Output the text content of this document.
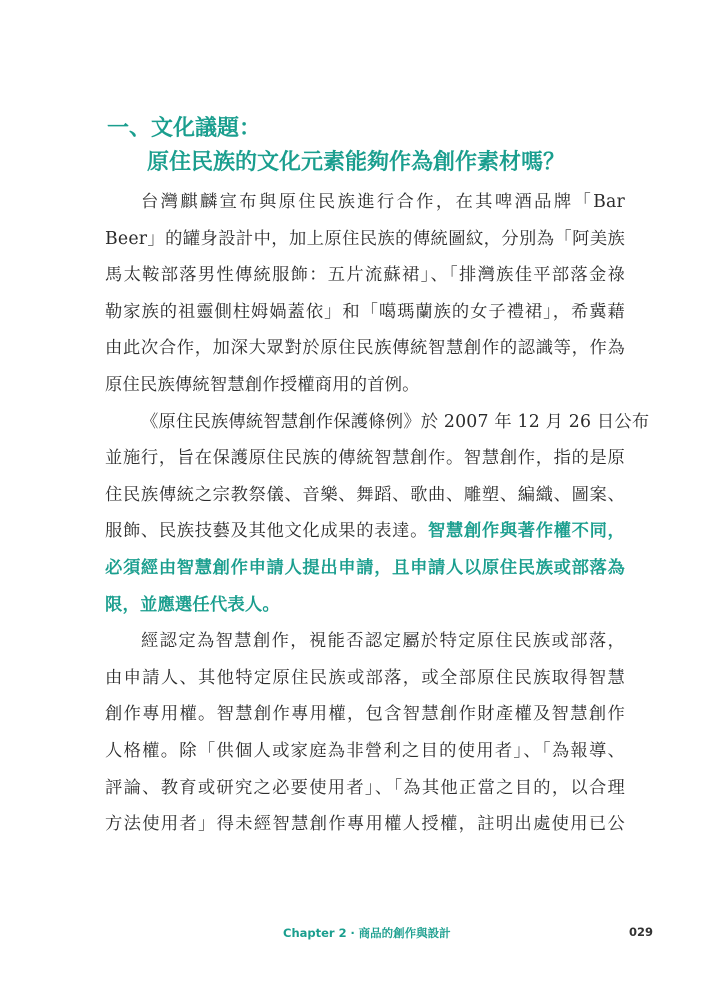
一、文化議題：
原住民族的文化元素能夠作為創作素材嗎？
台灣麒麟宣布與原住民族進行合作，在其啤酒品牌「Bar
Beer」的罐身設計中，加上原住民族的傳統圖紋，分別為「阿美族
馬太鞍部落男性傳統服飾：五片流蘇裙」、「排灣族佳平部落金祿
勒家族的祖靈側柱姆媧蓋依」和「噶瑪蘭族的女子禮裙」，希冀藉
由此次合作，加深大眾對於原住民族傳統智慧創作的認識等，作為
原住民族傳統智慧創作授權商用的首例。
《原住民族傳統智慧創作保護條例》於 2007 年 12 月 26 日公布
並施行，旨在保護原住民族的傳統智慧創作。智慧創作，指的是原
住民族傳統之宗教祭儀、音樂、舞蹈、歌曲、雕塑、編織、圖案、
服飾、民族技藝及其他文化成果的表達。智慧創作與著作權不同，
必須經由智慧創作申請人提出申請，且申請人以原住民族或部落為
限，並應選任代表人。
經認定為智慧創作，視能否認定屬於特定原住民族或部落，
由申請人、其他特定原住民族或部落，或全部原住民族取得智慧
創作專用權。智慧創作專用權，包含智慧創作財產權及智慧創作
人格權。除「供個人或家庭為非營利之目的使用者」、「為報導、
評論、教育或研究之必要使用者」、「為其他正當之目的，以合理
方法使用者」得未經智慧創作專用權人授權，註明出處使用已公
Chapter 2 ‧ 商品的創作與設計	029
